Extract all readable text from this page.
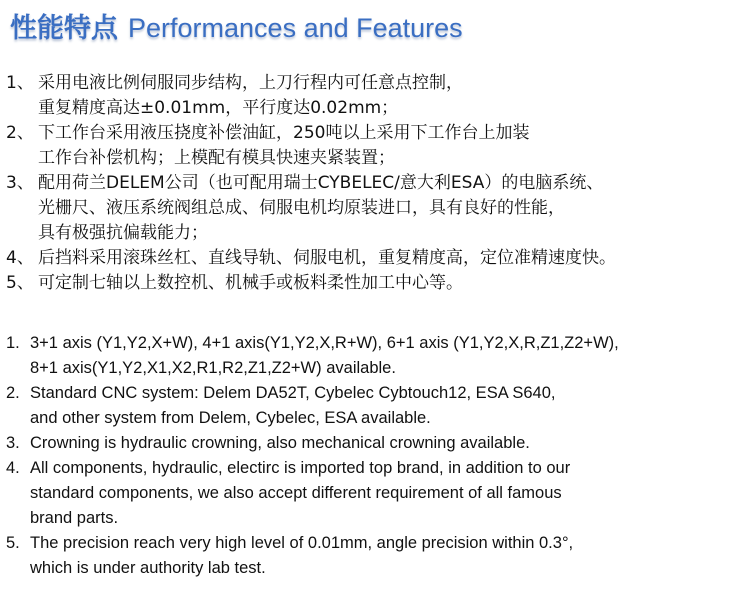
性能特点 Performances and Features
1、 采用电液比例伺服同步结构，上刀行程内可任意点控制，
重复精度高达±0.01mm，平行度达0.02mm；
2、 下工作台采用液压挠度补偿油缸，250吨以上采用下工作台上加装
工作台补偿机构；上模配有模具快速夹紧装置；
3、 配用荷兰DELEM公司（也可配用瑞士CYBELEC/意大利ESA）的电脑系统、
光栅尺、液压系统阀组总成、伺服电机均原装进口，具有良好的性能，
具有极强抗偏载能力；
4、 后挡料采用滚珠丝杠、直线导轨、伺服电机，重复精度高，定位准精速度快。
5、 可定制七轴以上数控机、机械手或板料柔性加工中心等。
1. 3+1 axis (Y1,Y2,X+W), 4+1 axis(Y1,Y2,X,R+W), 6+1 axis (Y1,Y2,X,R,Z1,Z2+W),
8+1 axis(Y1,Y2,X1,X2,R1,R2,Z1,Z2+W) available.
2. Standard CNC system: Delem DA52T, Cybelec Cybtouch12, ESA S640,
and other system from Delem, Cybelec, ESA available.
3. Crowning is hydraulic crowning, also mechanical crowning available.
4. All components, hydraulic, electirc is imported top brand, in addition to our
standard components, we also accept different requirement of all famous
brand parts.
5. The precision reach very high level of 0.01mm, angle precision within 0.3°,
which is under authority lab test.
